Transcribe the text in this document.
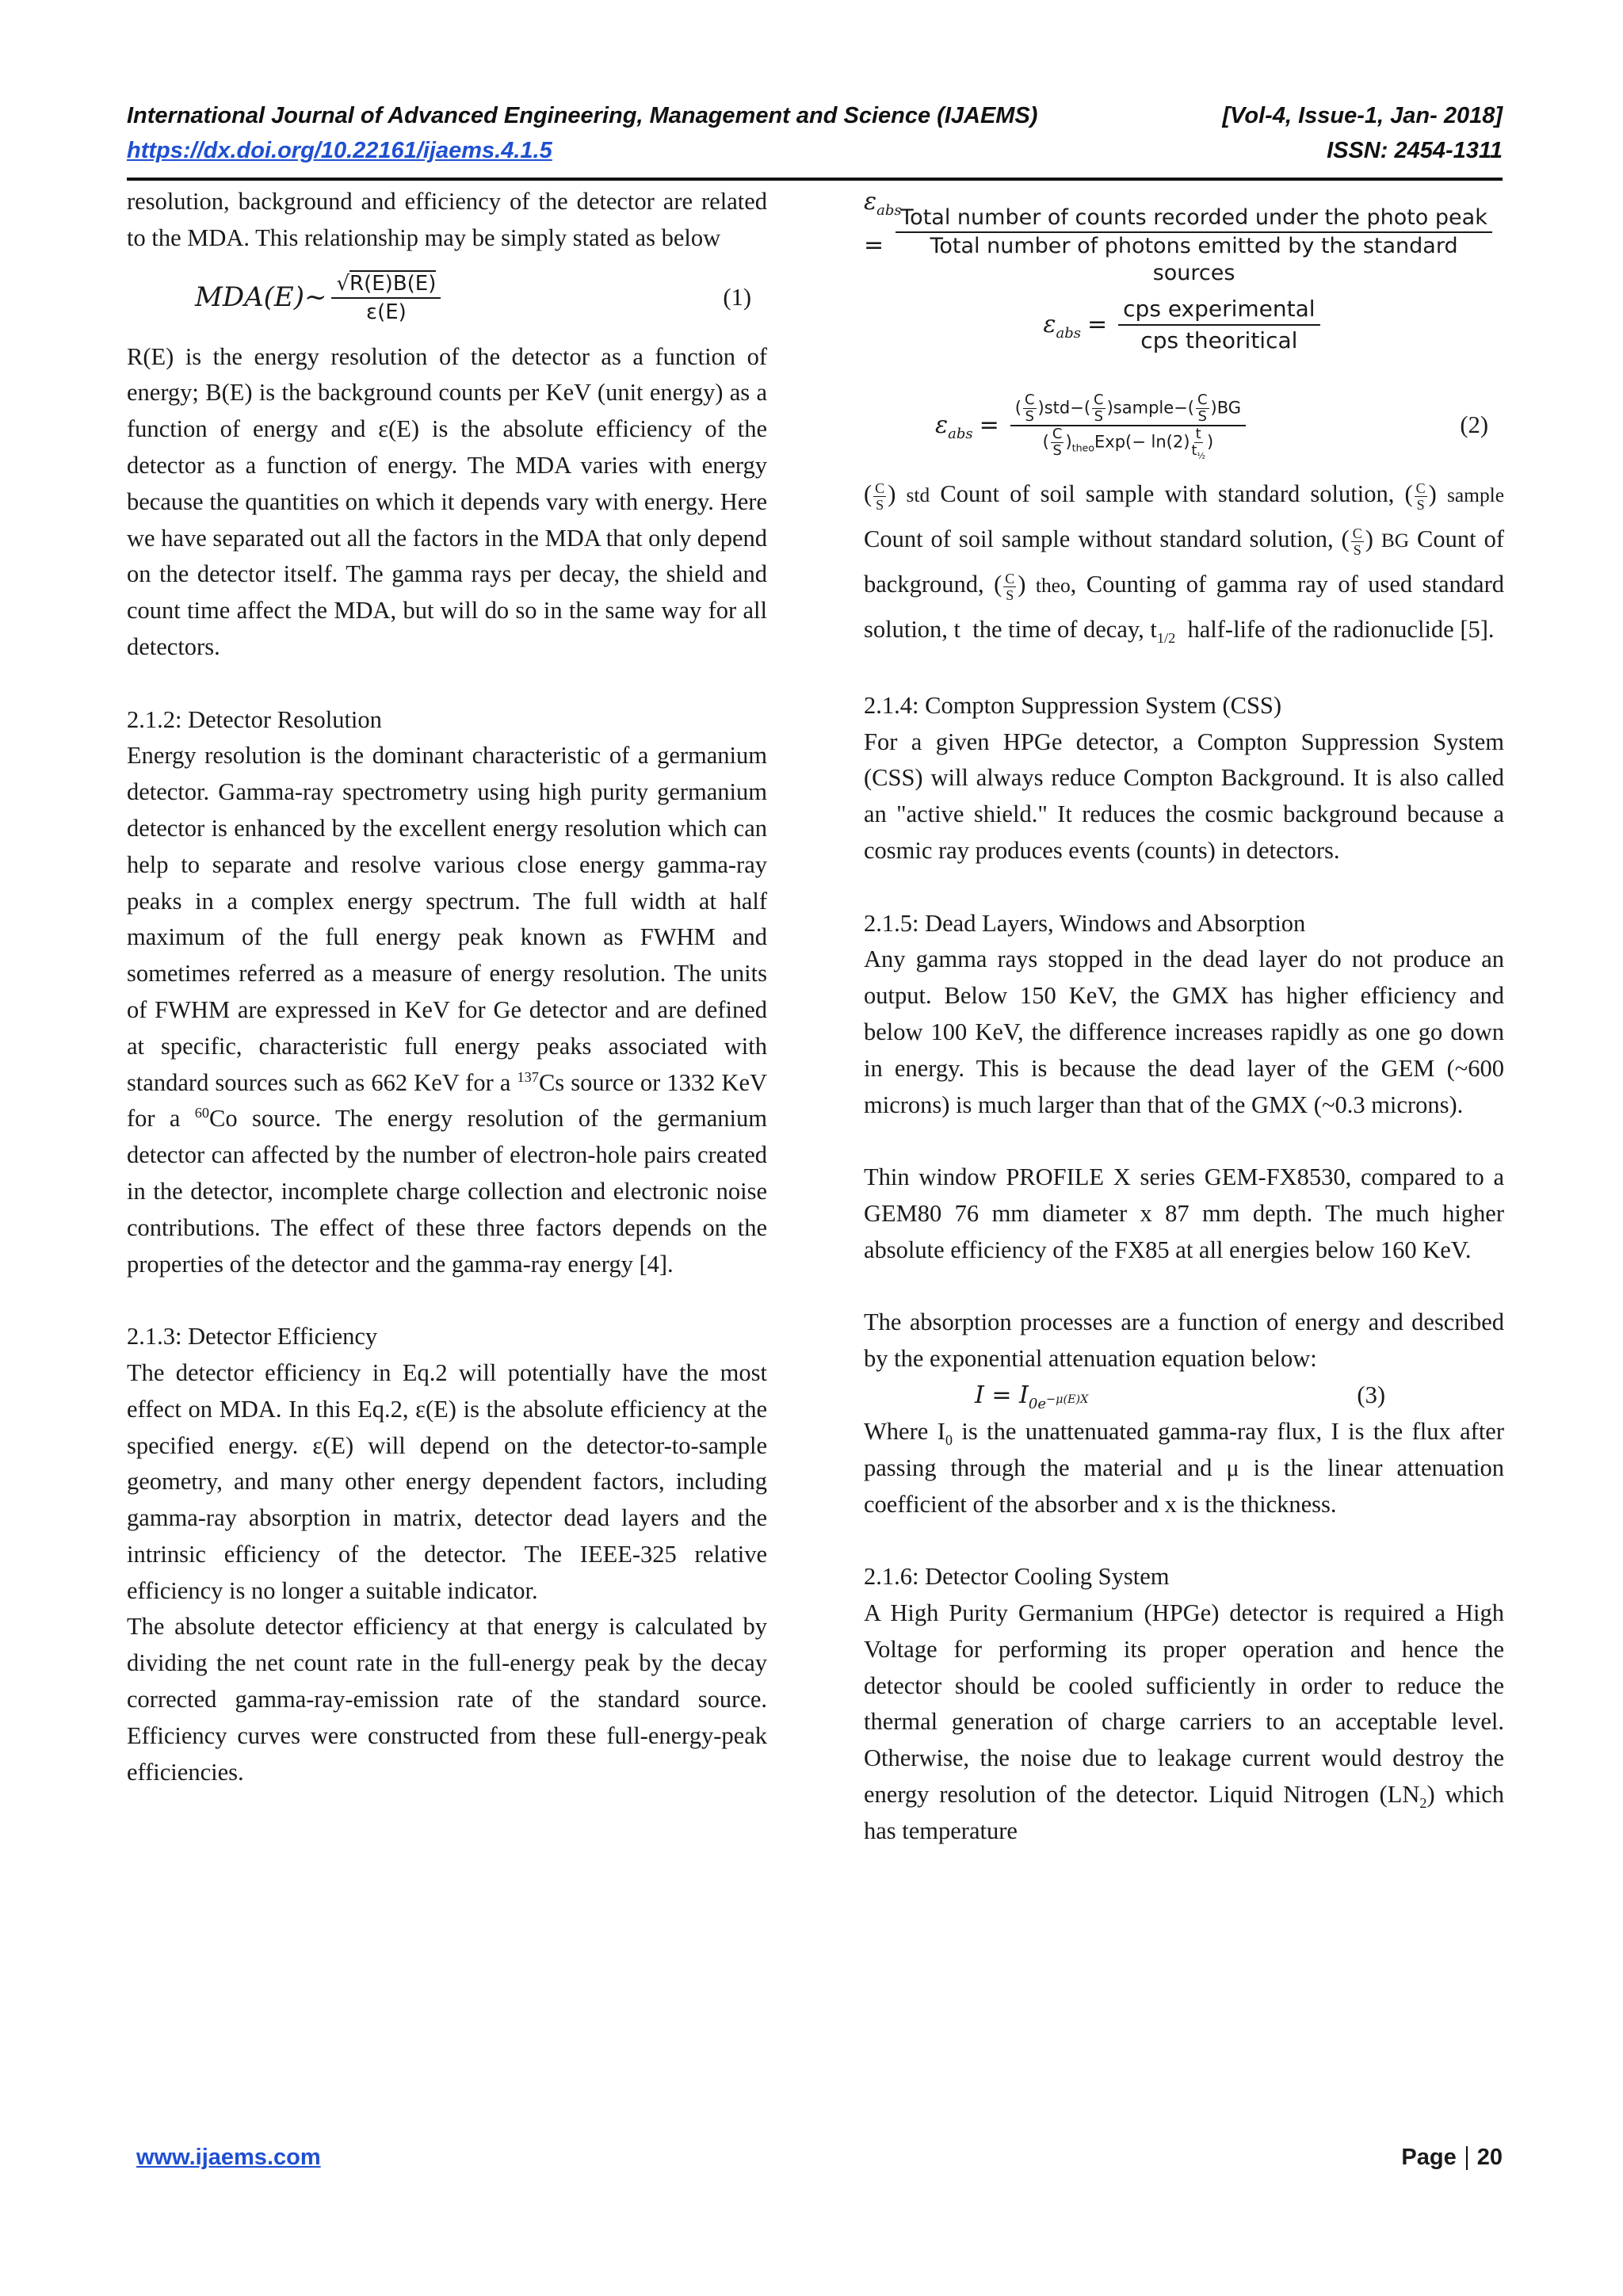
International Journal of Advanced Engineering, Management and Science (IJAEMS)	[Vol-4, Issue-1, Jan- 2018]
https://dx.doi.org/10.22161/ijaems.4.1.5	ISSN: 2454-1311

resolution, background and efficiency of the detector are related to the MDA. This relationship may be simply stated as below

MDA(E)~ $\frac{√R(E)B(E)}{\varepsilon(E)}$	(1)

R(E) is the energy resolution of the detector as a function of energy; B(E) is the background counts per KeV (unit energy) as a function of energy and ε(E) is the absolute efficiency of the detector as a function of energy. The MDA varies with energy because the quantities on which it depends vary with energy. Here we have separated out all the factors in the MDA that only depend on the detector itself. The gamma rays per decay, the shield and count time affect the MDA, but will do so in the same way for all detectors.

2.1.2: Detector Resolution

Energy resolution is the dominant characteristic of a germanium detector. Gamma-ray spectrometry using high purity germanium detector is enhanced by the excellent energy resolution which can help to separate and resolve various close energy gamma-ray peaks in a complex energy spectrum. The full width at half maximum of the full energy peak known as FWHM and sometimes referred as a measure of energy resolution. The units of FWHM are expressed in KeV for Ge detector and are defined at specific, characteristic full energy peaks associated with standard sources such as 662 KeV for a $^{137}$Cs source or 1332 KeV for a $^{60}$Co source. The energy resolution of the germanium detector can affected by the number of electron-hole pairs created in the detector, incomplete charge collection and electronic noise contributions. The effect of these three factors depends on the properties of the detector and the gamma-ray energy [4].

2.1.3: Detector Efficiency

The detector efficiency in Eq.2 will potentially have the most effect on MDA. In this Eq.2, ε(E) is the absolute efficiency at the specified energy. ε(E) will depend on the detector-to-sample geometry, and many other energy dependent factors, including gamma-ray absorption in matrix, detector dead layers and the intrinsic efficiency of the detector. The IEEE-325 relative efficiency is no longer a suitable indicator.

The absolute detector efficiency at that energy is calculated by dividing the net count rate in the full-energy peak by the decay corrected gamma-ray-emission rate of the standard source. Efficiency curves were constructed from these full-energy-peak efficiencies.

$\varepsilon_{abs}$
= $\frac{\text{Total number of counts recorded under the photo peak}}{\text{Total number of photons emitted by the standard sources}}$
$\varepsilon_{abs} = \frac{\text{cps experimental}}{\text{cps theoritical}}$
$\varepsilon_{abs} = \frac{( \frac{C}{S} )std-( \frac{C}{S} )sample-( \frac{C}{S} )BG}{( \frac{C}{S} )_{theo}Exp(- \ln(2) \frac{t}{t_{\frac{1}{2}}} )}$	(2)

( $\frac{C}{S}$ ) std Count of soil sample with standard solution, ( $\frac{C}{S}$ ) sample Count of soil sample without standard solution, ( $\frac{C}{S}$ ) BG Count of background, ( $\frac{C}{S}$ ) theo, Counting of gamma ray of used standard solution, t  the time of decay, $t_{1/2}$  half-life of the radionuclide [5].

2.1.4: Compton Suppression System (CSS)

For a given HPGe detector, a Compton Suppression System (CSS) will always reduce Compton Background. It is also called an "active shield." It reduces the cosmic background because a cosmic ray produces events (counts) in detectors.

2.1.5: Dead Layers, Windows and Absorption

Any gamma rays stopped in the dead layer do not produce an output. Below 150 KeV, the GMX has higher efficiency and below 100 KeV, the difference increases rapidly as one go down in energy. This is because the dead layer of the GEM (~600 microns) is much larger than that of the GMX (~0.3 microns).

Thin window PROFILE X series GEM-FX8530, compared to a GEM80 76 mm diameter x 87 mm depth. The much higher absolute efficiency of the FX85 at all energies below 160 KeV.

The absorption processes are a function of energy and described by the exponential attenuation equation below:

$I = I_{0e^{-\mu(E)X}}$	(3)

Where $I_0$ is the unattenuated gamma-ray flux, I is the flux after passing through the material and μ is the linear attenuation coefficient of the absorber and x is the thickness.

2.1.6: Detector Cooling System

A High Purity Germanium (HPGe) detector is required a High Voltage for performing its proper operation and hence the detector should be cooled sufficiently in order to reduce the thermal generation of charge carriers to an acceptable level. Otherwise, the noise due to leakage current would destroy the energy resolution of the detector. Liquid Nitrogen $(LN_2)$ which has temperature

www.ijaems.com	Page 20
